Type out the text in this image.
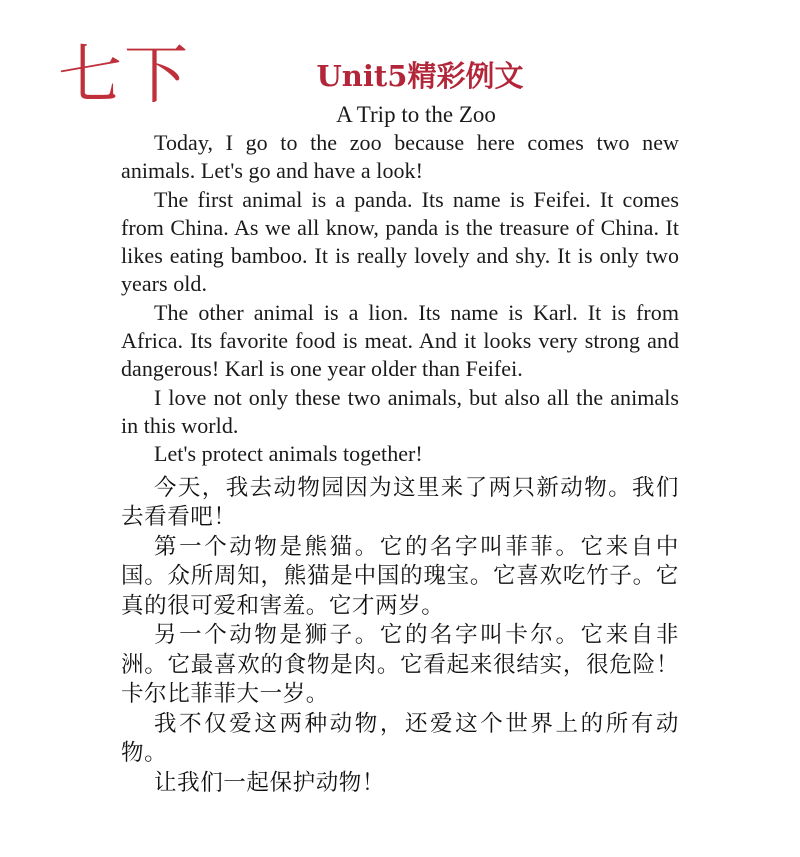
七下	Unit5精彩例文
A Trip to the Zoo

Today, I go to the zoo because here comes two new animals. Let's go and have a look!

The first animal is a panda. Its name is Feifei. It comes from China. As we all know, panda is the treasure of China. It likes eating bamboo. It is really lovely and shy. It is only two years old.

The other animal is a lion. Its name is Karl. It is from Africa. Its favorite food is meat. And it looks very strong and dangerous! Karl is one year older than Feifei.

I love not only these two animals, but also all the animals in this world.

Let's protect animals together!

今天，我去动物园因为这里来了两只新动物。我们去看看吧！

第一个动物是熊猫。它的名字叫菲菲。它来自中国。众所周知，熊猫是中国的瑰宝。它喜欢吃竹子。它真的很可爱和害羞。它才两岁。

另一个动物是狮子。它的名字叫卡尔。它来自非洲。它最喜欢的食物是肉。它看起来很结实，很危险！卡尔比菲菲大一岁。

我不仅爱这两种动物，还爱这个世界上的所有动物。

让我们一起保护动物！
